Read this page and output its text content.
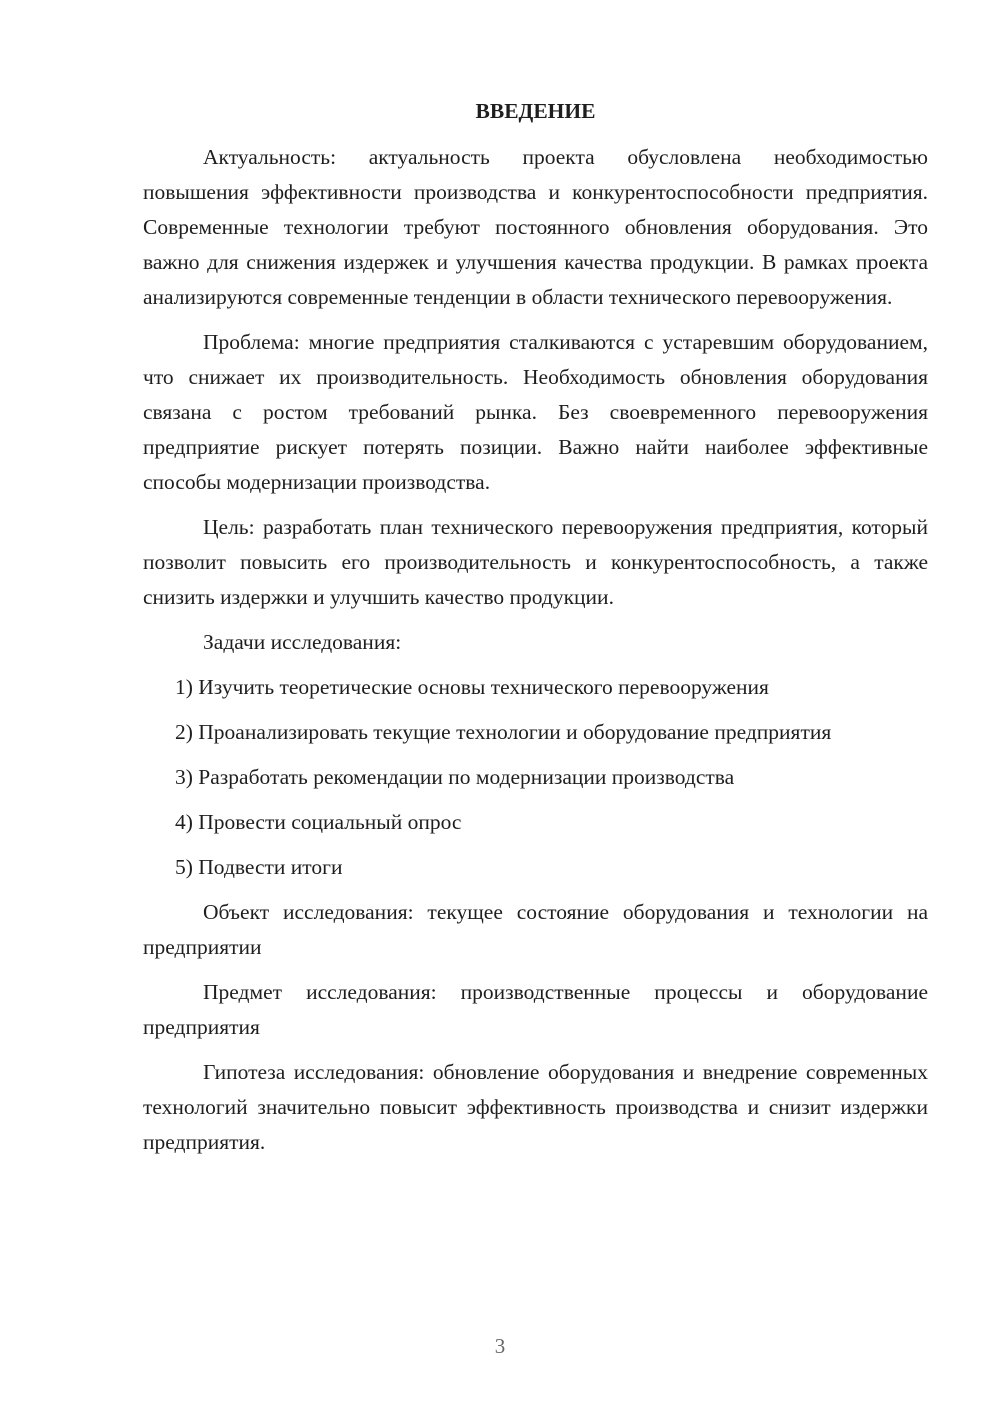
ВВЕДЕНИЕ

Актуальность: актуальность проекта обусловлена необходимостью повышения эффективности производства и конкурентоспособности предприятия. Современные технологии требуют постоянного обновления оборудования. Это важно для снижения издержек и улучшения качества продукции. В рамках проекта анализируются современные тенденции в области технического перевооружения.

Проблема: многие предприятия сталкиваются с устаревшим оборудованием, что снижает их производительность. Необходимость обновления оборудования связана с ростом требований рынка. Без своевременного перевооружения предприятие рискует потерять позиции. Важно найти наиболее эффективные способы модернизации производства.

Цель: разработать план технического перевооружения предприятия, который позволит повысить его производительность и конкурентоспособность, а также снизить издержки и улучшить качество продукции.

Задачи исследования:

1) Изучить теоретические основы технического перевооружения

2) Проанализировать текущие технологии и оборудование предприятия

3) Разработать рекомендации по модернизации производства

4) Провести социальный опрос

5) Подвести итоги

Объект исследования: текущее состояние оборудования и технологии на предприятии

Предмет исследования: производственные процессы и оборудование предприятия

Гипотеза исследования: обновление оборудования и внедрение современных технологий значительно повысит эффективность производства и снизит издержки предприятия.

3
